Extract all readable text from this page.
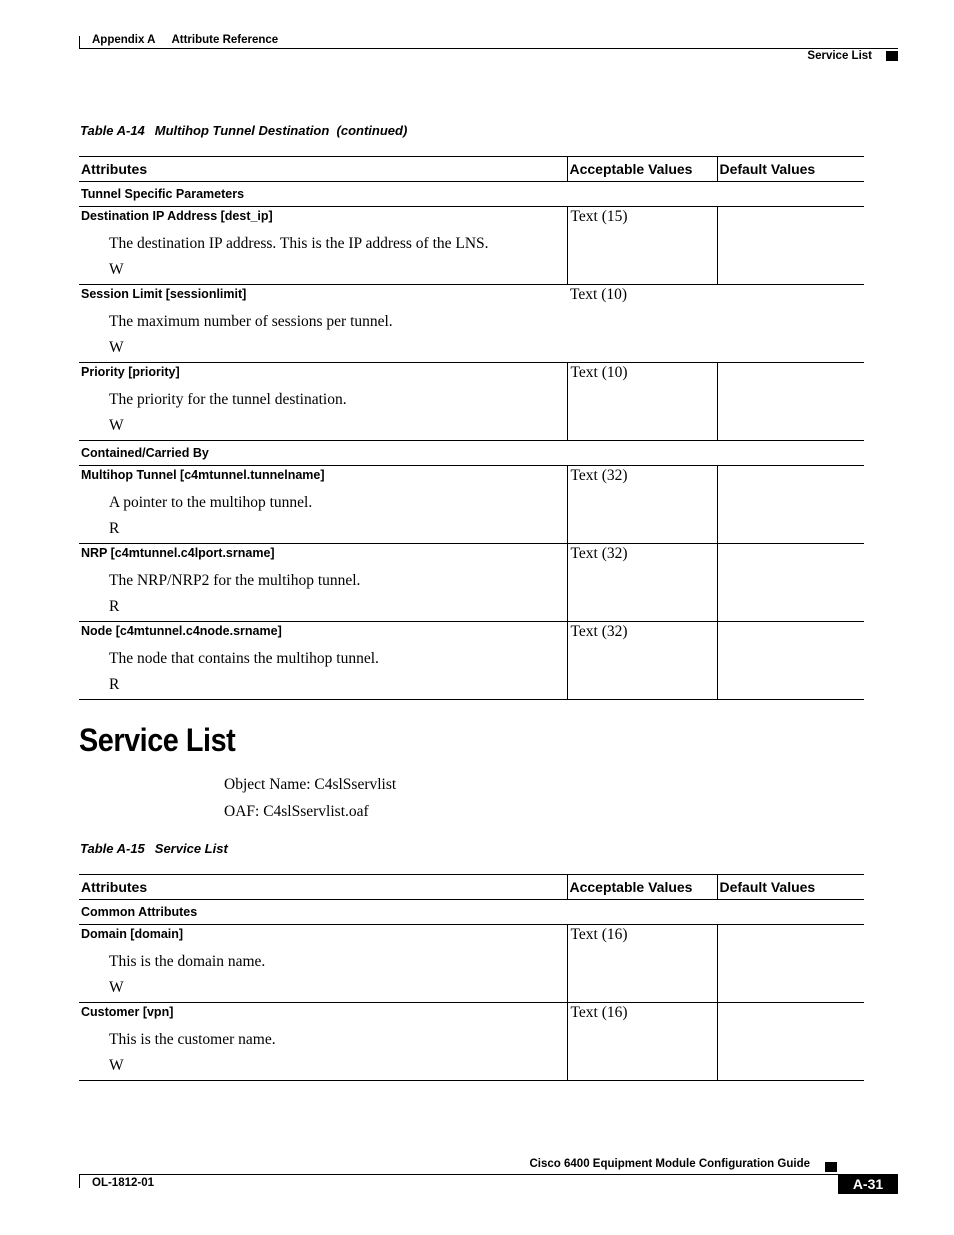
Appendix A Attribute Reference
Service List
Table A-14 Multihop Tunnel Destination  (continued)
Attributes	Acceptable Values	Default Values
Tunnel Specific Parameters		

Destination IP Address [dest_ip]
The destination IP address. This is the IP address of the LNS.
W	Text (15)	

Session Limit [sessionlimit]
The maximum number of sessions per tunnel.
W	Text (10)	

Priority [priority]
The priority for the tunnel destination.
W	Text (10)	
Contained/Carried By		

Multihop Tunnel [c4mtunnel.tunnelname]
A pointer to the multihop tunnel.
R	Text (32)	

NRP [c4mtunnel.c4lport.srname]
The NRP/NRP2 for the multihop tunnel.
R	Text (32)	

Node [c4mtunnel.c4node.srname]
The node that contains the multihop tunnel.
R	Text (32)	
Service List
Object Name: C4slSservlist
OAF: C4slSservlist.oaf
Table A-15 Service List
Attributes	Acceptable Values	Default Values
Common Attributes		

Domain [domain]
This is the domain name.
W	Text (16)	

Customer [vpn]
This is the customer name.
W	Text (16)	
Cisco 6400 Equipment Module Configuration Guide
OL-1812-01	A-31
